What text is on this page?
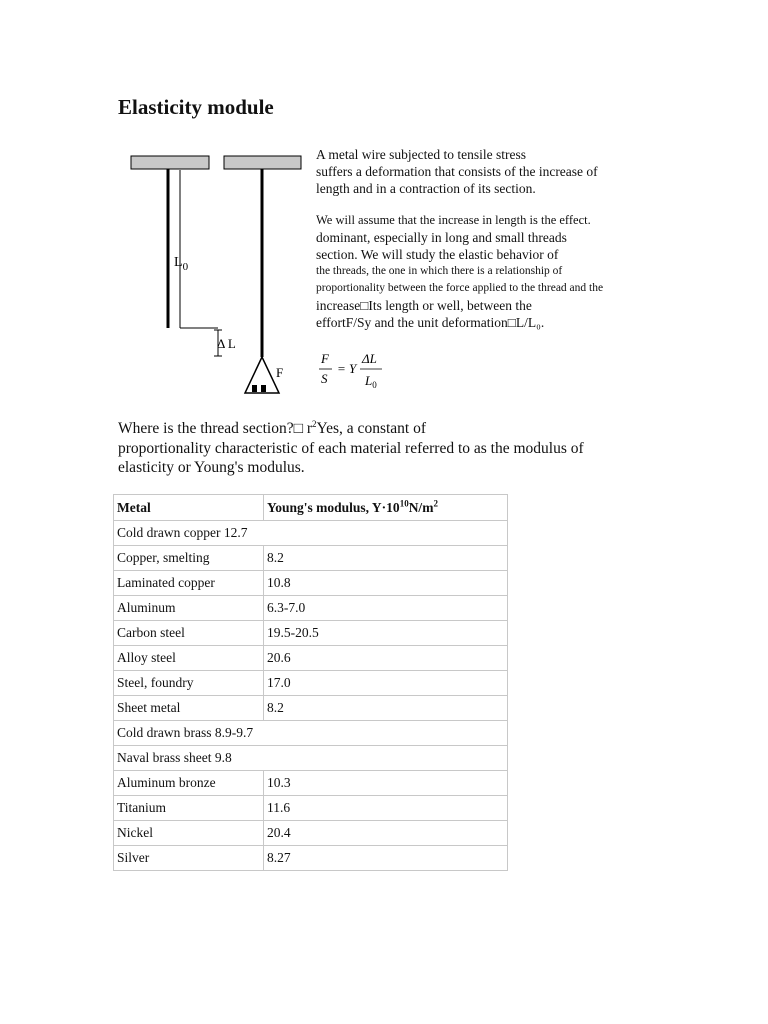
Elasticity module
$L_0$
Δ L
F

A metal wire subjected to tensile stress
suffers a deformation that consists of the increase of
length and in a contraction of its section.

We will assume that the increase in length is the effect.
dominant, especially in long and small threads
section. We will study the elastic behavior of
the threads, the one in which there is a relationship of
proportionality between the force applied to the thread and the
increase□Its length or well, between the
effortF/Sy and the unit deformation□L/L₀.

F
S
= Y
ΔL
$L_0$

Where is the thread section?□ $r^2Yes$, a constant of
proportionality characteristic of each material referred to as the modulus of
elasticity or Young's modulus.

Metal	Young's modulus, $Y\cdot 10^{10}N/m^2$
Cold drawn copper 12.7	
Copper, smelting	8.2
Laminated copper	10.8
Aluminum	6.3-7.0
Carbon steel	19.5-20.5
Alloy steel	20.6
Steel, foundry	17.0
Sheet metal	8.2
Cold drawn brass 8.9-9.7	
Naval brass sheet 9.8	
Aluminum bronze	10.3
Titanium	11.6
Nickel	20.4
Silver	8.27
